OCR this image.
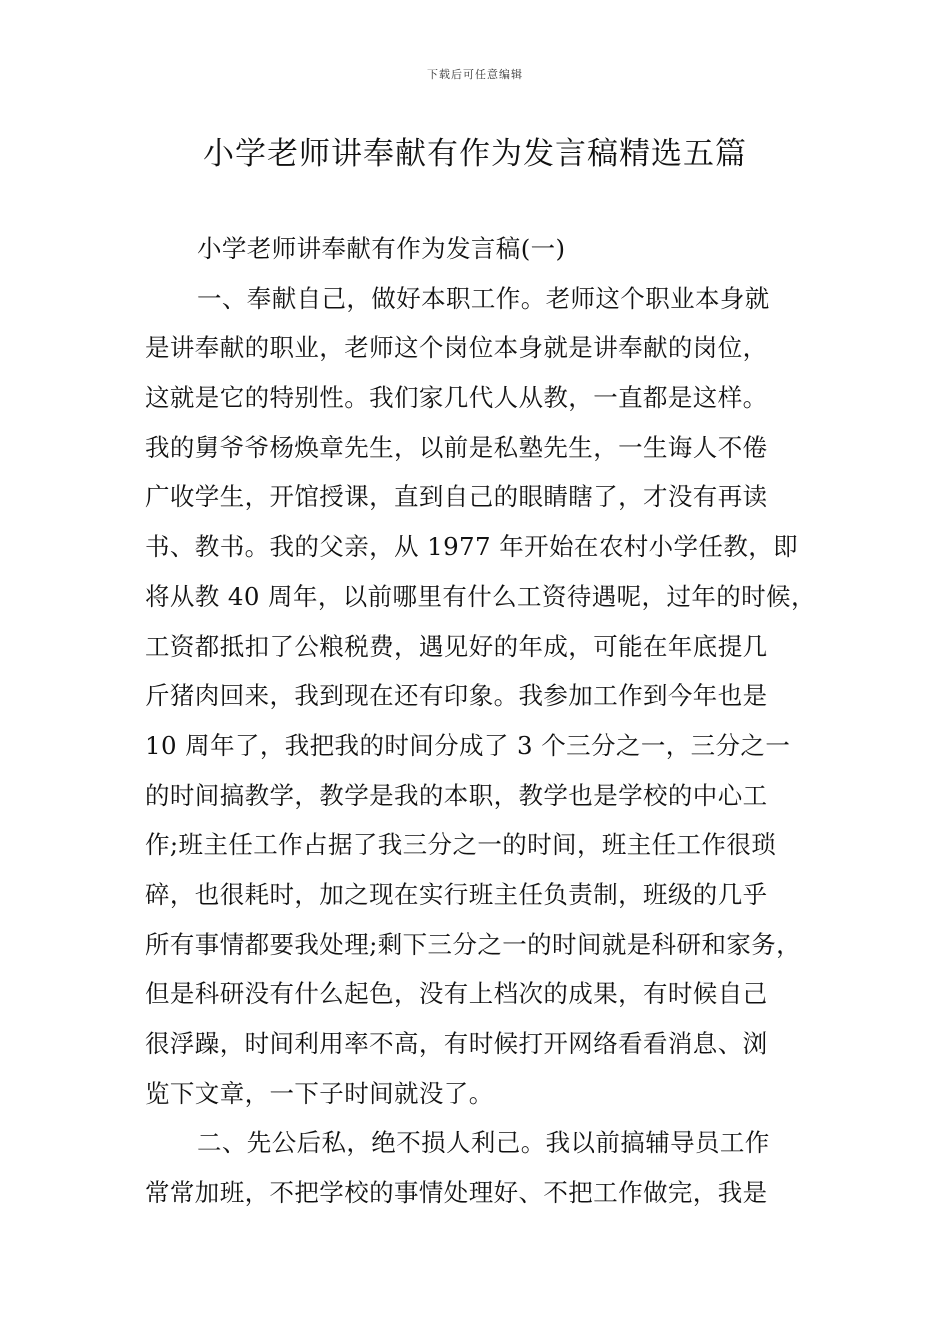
下载后可任意编辑
小学老师讲奉献有作为发言稿精选五篇
小学老师讲奉献有作为发言稿(一)
一、奉献自己，做好本职工作。老师这个职业本身就
是讲奉献的职业，老师这个岗位本身就是讲奉献的岗位，
这就是它的特别性。我们家几代人从教，一直都是这样。
我的舅爷爷杨焕章先生，以前是私塾先生，一生诲人不倦
广收学生，开馆授课，直到自己的眼睛瞎了，才没有再读
书、教书。我的父亲，从 1977 年开始在农村小学任教，即
将从教 40 周年，以前哪里有什么工资待遇呢，过年的时候，
工资都抵扣了公粮税费，遇见好的年成，可能在年底提几
斤猪肉回来，我到现在还有印象。我参加工作到今年也是
10 周年了，我把我的时间分成了 3 个三分之一，三分之一
的时间搞教学，教学是我的本职，教学也是学校的中心工
作;班主任工作占据了我三分之一的时间，班主任工作很琐
碎，也很耗时，加之现在实行班主任负责制，班级的几乎
所有事情都要我处理;剩下三分之一的时间就是科研和家务，
但是科研没有什么起色，没有上档次的成果，有时候自己
很浮躁，时间利用率不高，有时候打开网络看看消息、浏
览下文章，一下子时间就没了。
二、先公后私，绝不损人利己。我以前搞辅导员工作
常常加班，不把学校的事情处理好、不把工作做完，我是
